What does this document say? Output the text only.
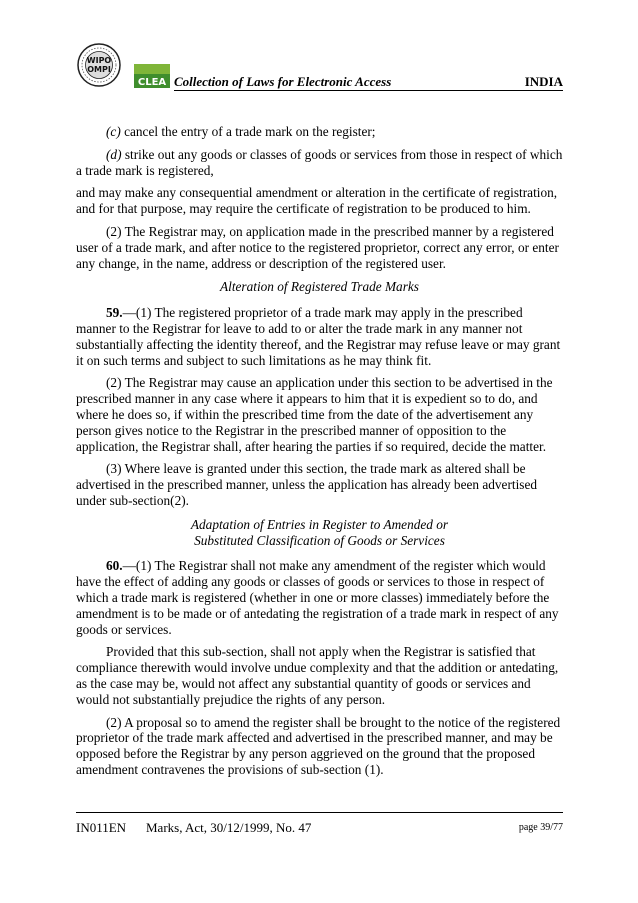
WIPO
OMPI
CLEA Collection of Laws for Electronic Access	INDIA

(c) cancel the entry of a trade mark on the register;

(d) strike out any goods or classes of goods or services from those in respect of which a trade mark is registered,

and may make any consequential amendment or alteration in the certificate of registration, and for that purpose, may require the certificate of registration to be produced to him.

(2) The Registrar may, on application made in the prescribed manner by a registered user of a trade mark, and after notice to the registered proprietor, correct any error, or enter any change, in the name, address or description of the registered user.

Alteration of Registered Trade Marks

59.—(1) The registered proprietor of a trade mark may apply in the prescribed manner to the Registrar for leave to add to or alter the trade mark in any manner not substantially affecting the identity thereof, and the Registrar may refuse leave or may grant it on such terms and subject to such limitations as he may think fit.

(2) The Registrar may cause an application under this section to be advertised in the prescribed manner in any case where it appears to him that it is expedient so to do, and where he does so, if within the prescribed time from the date of the advertisement any person gives notice to the Registrar in the prescribed manner of opposition to the application, the Registrar shall, after hearing the parties if so required, decide the matter.

(3) Where leave is granted under this section, the trade mark as altered shall be advertised in the prescribed manner, unless the application has already been advertised under sub-section(2).

Adaptation of Entries in Register to Amended or
Substituted Classification of Goods or Services

60.—(1) The Registrar shall not make any amendment of the register which would have the effect of adding any goods or classes of goods or services to those in respect of which a trade mark is registered (whether in one or more classes) immediately before the amendment is to be made or of antedating the registration of a trade mark in respect of any goods or services.

Provided that this sub-section, shall not apply when the Registrar is satisfied that compliance therewith would involve undue complexity and that the addition or antedating, as the case may be, would not affect any substantial quantity of goods or services and would not substantially prejudice the rights of any person.

(2) A proposal so to amend the register shall be brought to the notice of the registered proprietor of the trade mark affected and advertised in the prescribed manner, and may be opposed before the Registrar by any person aggrieved on the ground that the proposed amendment contravenes the provisions of sub-section (1).

IN011EN Marks, Act, 30/12/1999, No. 47	page 39/77
